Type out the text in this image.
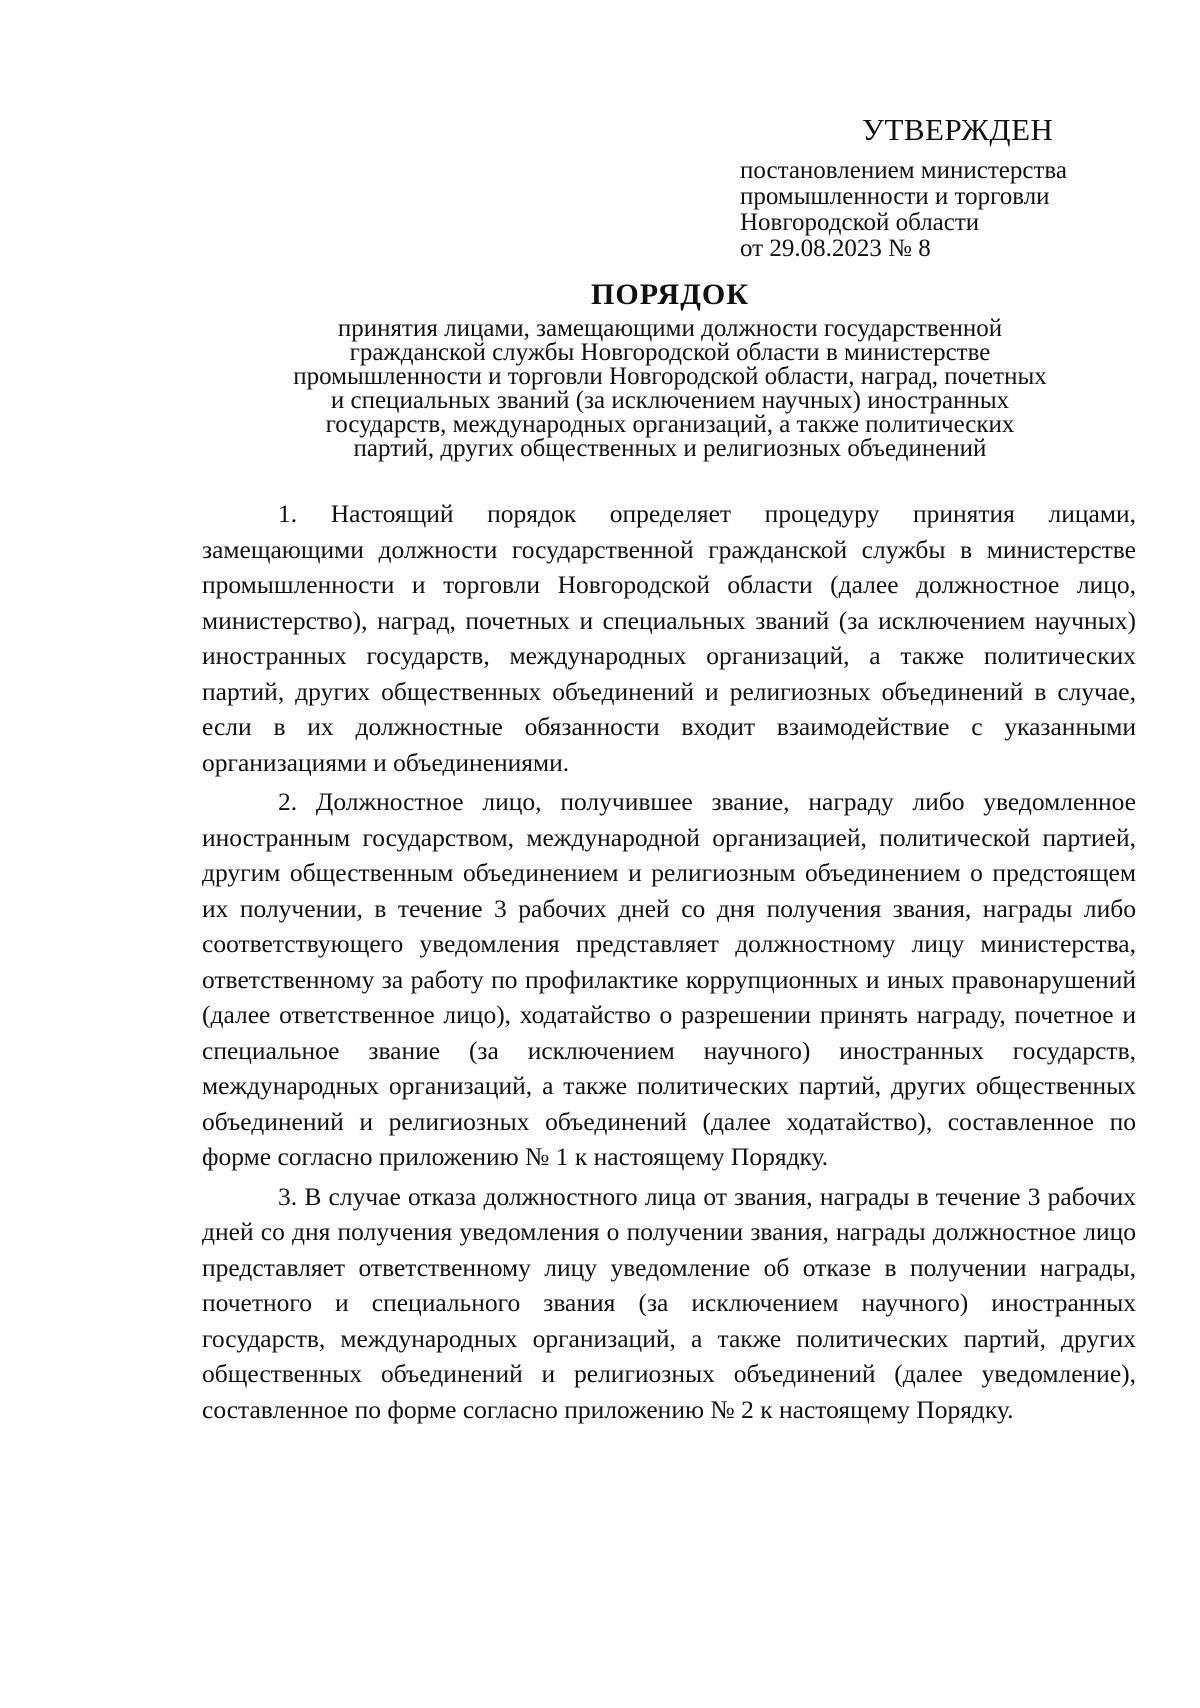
УТВЕРЖДЕН
постановлением министерства
промышленности и торговли
Новгородской области
от 29.08.2023 № 8
ПОРЯДОК
принятия лицами, замещающими должности государственной
гражданской службы Новгородской области в министерстве
промышленности и торговли Новгородской области, наград, почетных
и специальных званий (за исключением научных) иностранных
государств, международных организаций, а также политических
партий, других общественных и религиозных объединений

1. Настоящий порядок определяет процедуру принятия лицами, замещающими должности государственной гражданской службы в министерстве промышленности и торговли Новгородской области (далее должностное лицо, министерство), наград, почетных и специальных званий (за исключением научных) иностранных государств, международных организаций, а также политических партий, других общественных объединений и религиозных объединений в случае, если в их должностные обязанности входит взаимодействие с указанными организациями и объединениями.

2. Должностное лицо, получившее звание, награду либо уведомленное иностранным государством, международной организацией, политической партией, другим общественным объединением и религиозным объединением о предстоящем их получении, в течение 3 рабочих дней со дня получения звания, награды либо соответствующего уведомления представляет должностному лицу министерства, ответственному за работу по профилактике коррупционных и иных правонарушений (далее ответственное лицо), ходатайство о разрешении принять награду, почетное и специальное звание (за исключением научного) иностранных государств, международных организаций, а также политических партий, других общественных объединений и религиозных объединений (далее ходатайство), составленное по форме согласно приложению № 1 к настоящему Порядку.

3. В случае отказа должностного лица от звания, награды в течение 3 рабочих дней со дня получения уведомления о получении звания, награды должностное лицо представляет ответственному лицу уведомление об отказе в получении награды, почетного и специального звания (за исключением научного) иностранных государств, международных организаций, а также политических партий, других общественных объединений и религиозных объединений (далее уведомление), составленное по форме согласно приложению № 2 к настоящему Порядку.
